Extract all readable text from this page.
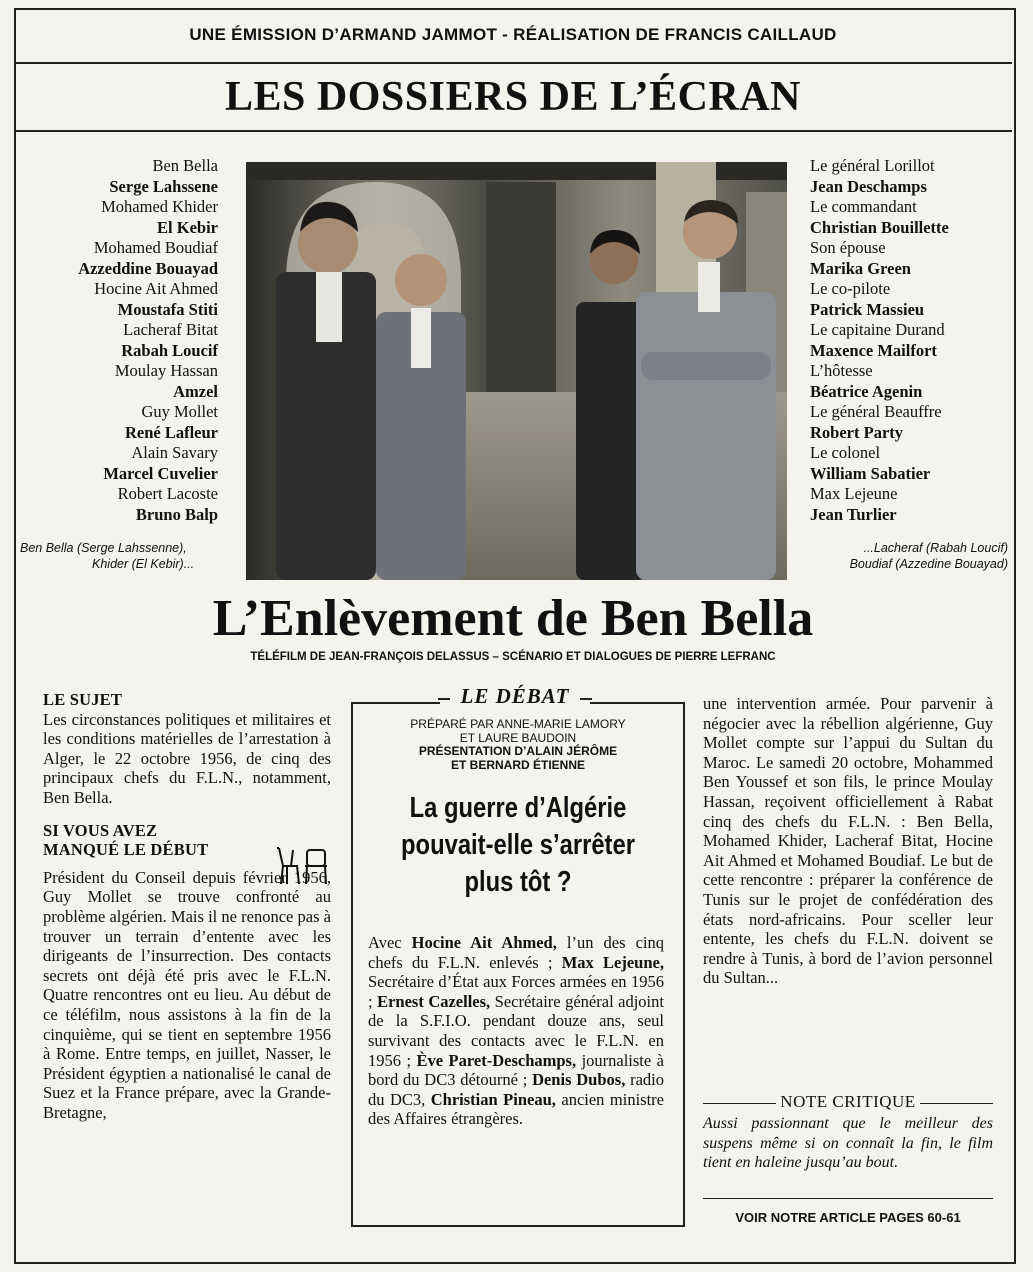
UNE ÉMISSION D’ARMAND JAMMOT - RÉALISATION DE FRANCIS CAILLAUD
LES DOSSIERS DE L’ÉCRAN
Ben Bella
Serge Lahssene
Mohamed Khider
El Kebir
Mohamed Boudiaf
Azzeddine Bouayad
Hocine Ait Ahmed
Moustafa Stiti
Lacheraf Bitat
Rabah Loucif
Moulay Hassan
Amzel
Guy Mollet
René Lafleur
Alain Savary
Marcel Cuvelier
Robert Lacoste
Bruno Balp
Le général Lorillot
Jean Deschamps
Le commandant
Christian Bouillette
Son épouse
Marika Green
Le co-pilote
Patrick Massieu
Le capitaine Durand
Maxence Mailfort
L’hôtesse
Béatrice Agenin
Le général Beauffre
Robert Party
Le colonel
William Sabatier
Max Lejeune
Jean Turlier
Ben Bella (Serge Lahssenne),
Khider (El Kebir)...
...Lacheraf (Rabah Loucif)
Boudiaf (Azzedine Bouayad)
L’Enlèvement de Ben Bella
TÉLÉFILM DE JEAN-FRANÇOIS DELASSUS – SCÉNARIO ET DIALOGUES DE PIERRE LEFRANC
LE SUJET
Les circonstances politiques et militaires et les conditions matérielles de l’arrestation à Alger, le 22 octobre 1956, de cinq des principaux chefs du F.L.N., notamment, Ben Bella.
SI VOUS AVEZ
MANQUÉ LE DÉBUT
Président du Conseil depuis février 1956, Guy Mollet se trouve confronté au problème algérien. Mais il ne renonce pas à trouver un terrain d’entente avec les dirigeants de l’insurrection. Des contacts secrets ont déjà été pris avec le F.L.N. Quatre rencontres ont eu lieu. Au début de ce téléfilm, nous assistons à la fin de la cinquième, qui se tient en septembre 1956 à Rome. Entre temps, en juillet, Nasser, le Président égyptien a nationalisé le canal de Suez et la France prépare, avec la Grande-Bretagne,
LE DÉBAT
PRÉPARÉ PAR ANNE-MARIE LAMORY
ET LAURE BAUDOIN
PRÉSENTATION D’ALAIN JÉRÔME
ET BERNARD ÉTIENNE
La guerre d’Algérie
pouvait-elle s’arrêter
plus tôt ?
Avec Hocine Ait Ahmed, l’un des cinq chefs du F.L.N. enlevés ; Max Lejeune, Secrétaire d’État aux Forces armées en 1956 ; Ernest Cazelles, Secrétaire général adjoint de la S.F.I.O. pendant douze ans, seul survivant des contacts avec le F.L.N. en 1956 ; Ève Paret-Deschamps, journaliste à bord du DC3 détourné ; Denis Dubos, radio du DC3, Christian Pineau, ancien ministre des Affaires étrangères.
une intervention armée. Pour parvenir à négocier avec la rébellion algérienne, Guy Mollet compte sur l’appui du Sultan du Maroc. Le samedi 20 octobre, Mohammed Ben Youssef et son fils, le prince Moulay Hassan, reçoivent officiellement à Rabat cinq des chefs du F.L.N. : Ben Bella, Mohamed Khider, Lacheraf Bitat, Hocine Ait Ahmed et Mohamed Boudiaf. Le but de cette rencontre : préparer la conférence de Tunis sur le projet de confédération des états nord-africains. Pour sceller leur entente, les chefs du F.L.N. doivent se rendre à Tunis, à bord de l’avion personnel du Sultan...
NOTE CRITIQUE
Aussi passionnant que le meilleur des suspens même si on connaît la fin, le film tient en haleine jusqu’au bout.
VOIR NOTRE ARTICLE PAGES 60-61
